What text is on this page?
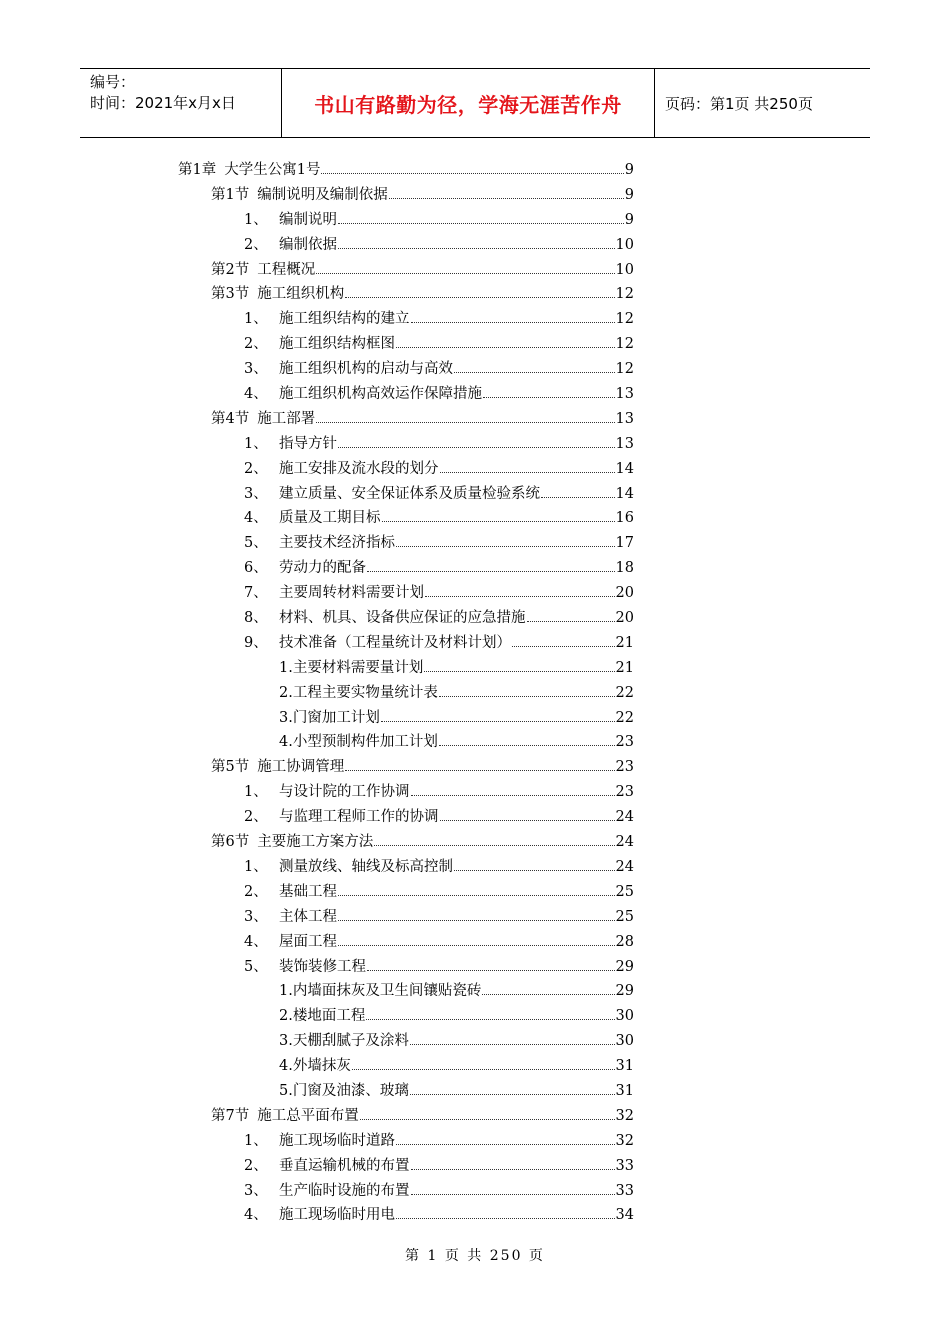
编号：
时间：2021年x月x日	书山有路勤为径，学海无涯苦作舟	页码：第1页 共250页
第1章 大学生公寓1号	9
第1节 编制说明及编制依据	9
1、 编制说明	9
2、 编制依据	10
第2节 工程概况	10
第3节 施工组织机构	12
1、 施工组织结构的建立	12
2、 施工组织结构框图	12
3、 施工组织机构的启动与高效	12
4、 施工组织机构高效运作保障措施	13
第4节 施工部署	13
1、 指导方针	13
2、 施工安排及流水段的划分	14
3、 建立质量、安全保证体系及质量检验系统	14
4、 质量及工期目标	16
5、 主要技术经济指标	17
6、 劳动力的配备	18
7、 主要周转材料需要计划	20
8、 材料、机具、设备供应保证的应急措施	20
9、 技术准备（工程量统计及材料计划）	21
1. 主要材料需要量计划	21
2. 工程主要实物量统计表	22
3. 门窗加工计划	22
4. 小型预制构件加工计划	23
第5节 施工协调管理	23
1、 与设计院的工作协调	23
2、 与监理工程师工作的协调	24
第6节 主要施工方案方法	24
1、 测量放线、轴线及标高控制	24
2、 基础工程	25
3、 主体工程	25
4、 屋面工程	28
5、 装饰装修工程	29
1. 内墙面抹灰及卫生间镶贴瓷砖	29
2. 楼地面工程	30
3. 天棚刮腻子及涂料	30
4. 外墙抹灰	31
5. 门窗及油漆、玻璃	31
第7节 施工总平面布置	32
1、 施工现场临时道路	32
2、 垂直运输机械的布置	33
3、 生产临时设施的布置	33
4、 施工现场临时用电	34
第 1 页 共 250 页
